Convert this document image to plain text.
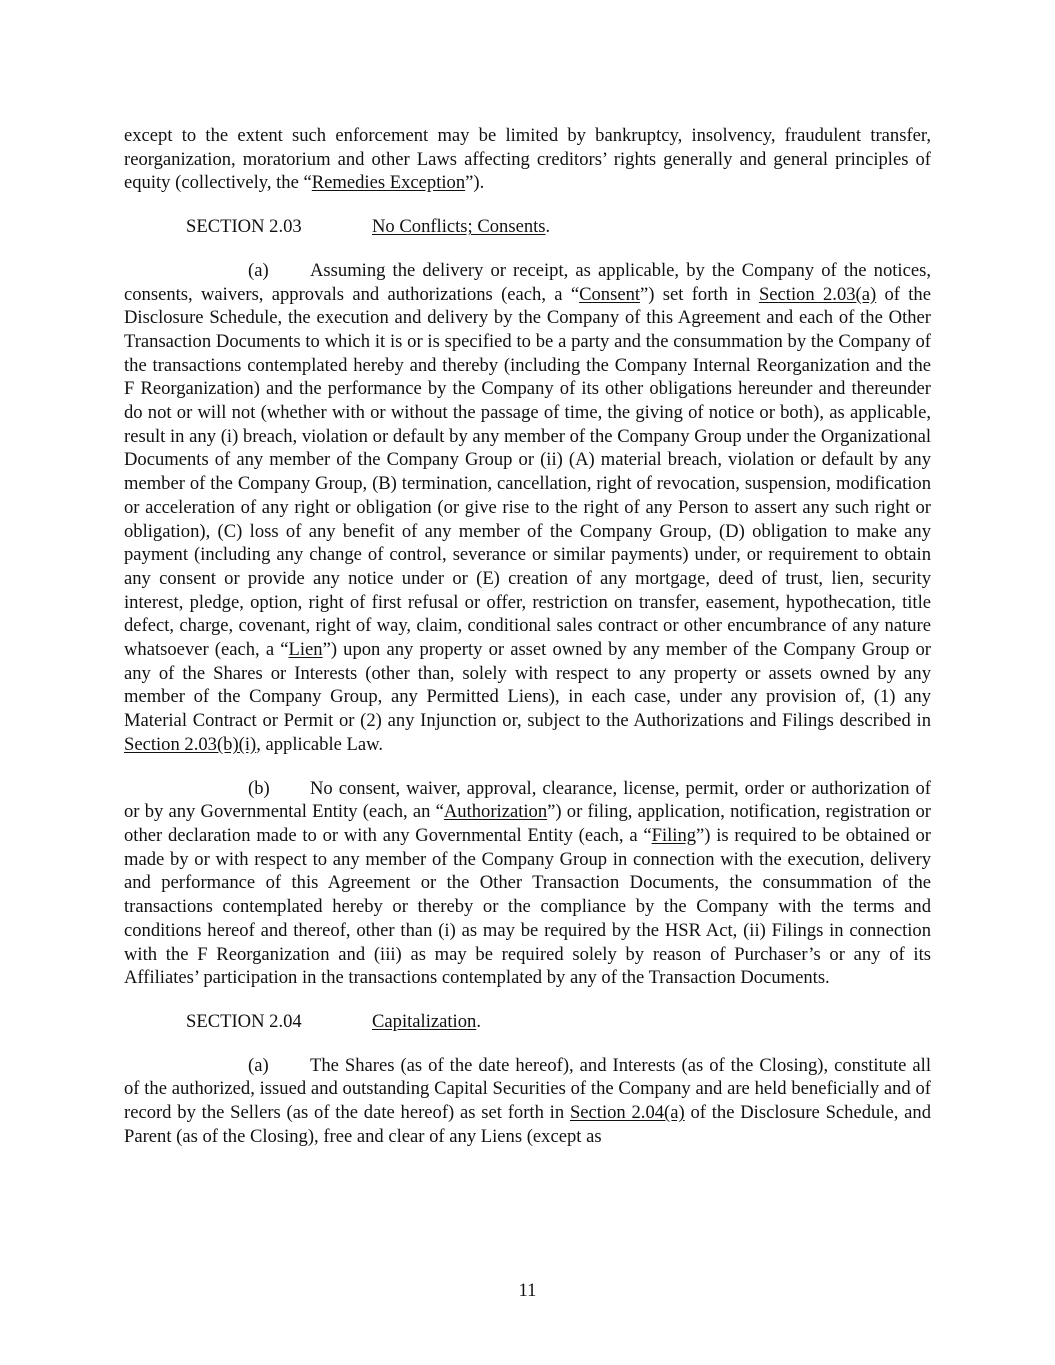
except to the extent such enforcement may be limited by bankruptcy, insolvency, fraudulent transfer, reorganization, moratorium and other Laws affecting creditors’ rights generally and general principles of equity (collectively, the “Remedies Exception”).

SECTION 2.03	No Conflicts; Consents.

(a) Assuming the delivery or receipt, as applicable, by the Company of the notices, consents, waivers, approvals and authorizations (each, a “Consent”) set forth in Section 2.03(a) of the Disclosure Schedule, the execution and delivery by the Company of this Agreement and each of the Other Transaction Documents to which it is or is specified to be a party and the consummation by the Company of the transactions contemplated hereby and thereby (including the Company Internal Reorganization and the F Reorganization) and the performance by the Company of its other obligations hereunder and thereunder do not or will not (whether with or without the passage of time, the giving of notice or both), as applicable, result in any (i) breach, violation or default by any member of the Company Group under the Organizational Documents of any member of the Company Group or (ii) (A) material breach, violation or default by any member of the Company Group, (B) termination, cancellation, right of revocation, suspension, modification or acceleration of any right or obligation (or give rise to the right of any Person to assert any such right or obligation), (C) loss of any benefit of any member of the Company Group, (D) obligation to make any payment (including any change of control, severance or similar payments) under, or requirement to obtain any consent or provide any notice under or (E) creation of any mortgage, deed of trust, lien, security interest, pledge, option, right of first refusal or offer, restriction on transfer, easement, hypothecation, title defect, charge, covenant, right of way, claim, conditional sales contract or other encumbrance of any nature whatsoever (each, a “Lien”) upon any property or asset owned by any member of the Company Group or any of the Shares or Interests (other than, solely with respect to any property or assets owned by any member of the Company Group, any Permitted Liens), in each case, under any provision of, (1) any Material Contract or Permit or (2) any Injunction or, subject to the Authorizations and Filings described in Section 2.03(b)(i), applicable Law.

(b) No consent, waiver, approval, clearance, license, permit, order or authorization of or by any Governmental Entity (each, an “Authorization”) or filing, application, notification, registration or other declaration made to or with any Governmental Entity (each, a “Filing”) is required to be obtained or made by or with respect to any member of the Company Group in connection with the execution, delivery and performance of this Agreement or the Other Transaction Documents, the consummation of the transactions contemplated hereby or thereby or the compliance by the Company with the terms and conditions hereof and thereof, other than (i) as may be required by the HSR Act, (ii) Filings in connection with the F Reorganization and (iii) as may be required solely by reason of Purchaser’s or any of its Affiliates’ participation in the transactions contemplated by any of the Transaction Documents.

SECTION 2.04	Capitalization.

(a) The Shares (as of the date hereof), and Interests (as of the Closing), constitute all of the authorized, issued and outstanding Capital Securities of the Company and are held beneficially and of record by the Sellers (as of the date hereof) as set forth in Section 2.04(a) of the Disclosure Schedule, and Parent (as of the Closing), free and clear of any Liens (except as

11
